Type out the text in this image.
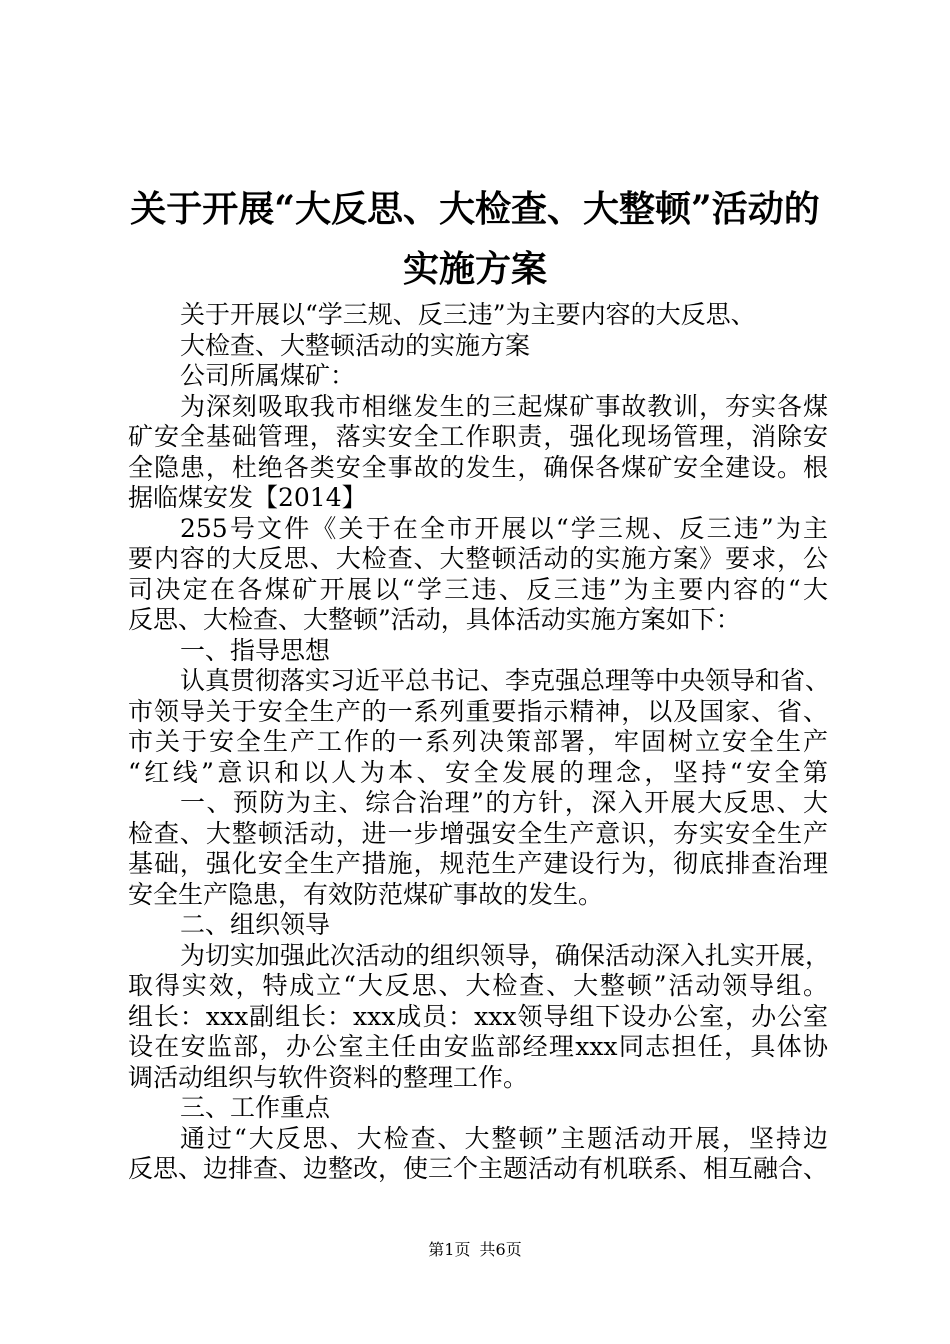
关于开展“大反思、大检查、大整顿”活动的
实施方案
关于开展以“学三规、反三违”为主要内容的大反思、
大检查、大整顿活动的实施方案
公司所属煤矿：
为深刻吸取我市相继发生的三起煤矿事故教训，夯实各煤
矿安全基础管理，落实安全工作职责，强化现场管理，消除安
全隐患，杜绝各类安全事故的发生，确保各煤矿安全建设。根
据临煤安发【2014】
255号文件《关于在全市开展以“学三规、反三违”为主
要内容的大反思、大检查、大整顿活动的实施方案》要求，公
司决定在各煤矿开展以“学三违、反三违”为主要内容的“大
反思、大检查、大整顿”活动，具体活动实施方案如下：
一、指导思想
认真贯彻落实习近平总书记、李克强总理等中央领导和省、
市领导关于安全生产的一系列重要指示精神，以及国家、省、
市关于安全生产工作的一系列决策部署，牢固树立安全生产
“红线”意识和以人为本、安全发展的理念，坚持“安全第
一、预防为主、综合治理”的方针，深入开展大反思、大
检查、大整顿活动，进一步增强安全生产意识，夯实安全生产
基础，强化安全生产措施，规范生产建设行为，彻底排查治理
安全生产隐患，有效防范煤矿事故的发生。
二、组织领导
为切实加强此次活动的组织领导，确保活动深入扎实开展，
取得实效，特成立“大反思、大检查、大整顿”活动领导组。
组长：xxx副组长：xxx成员：xxx领导组下设办公室，办公室
设在安监部，办公室主任由安监部经理xxx同志担任，具体协
调活动组织与软件资料的整理工作。
三、工作重点
通过“大反思、大检查、大整顿”主题活动开展，坚持边
反思、边排查、边整改，使三个主题活动有机联系、相互融合、
第1页 共6页
